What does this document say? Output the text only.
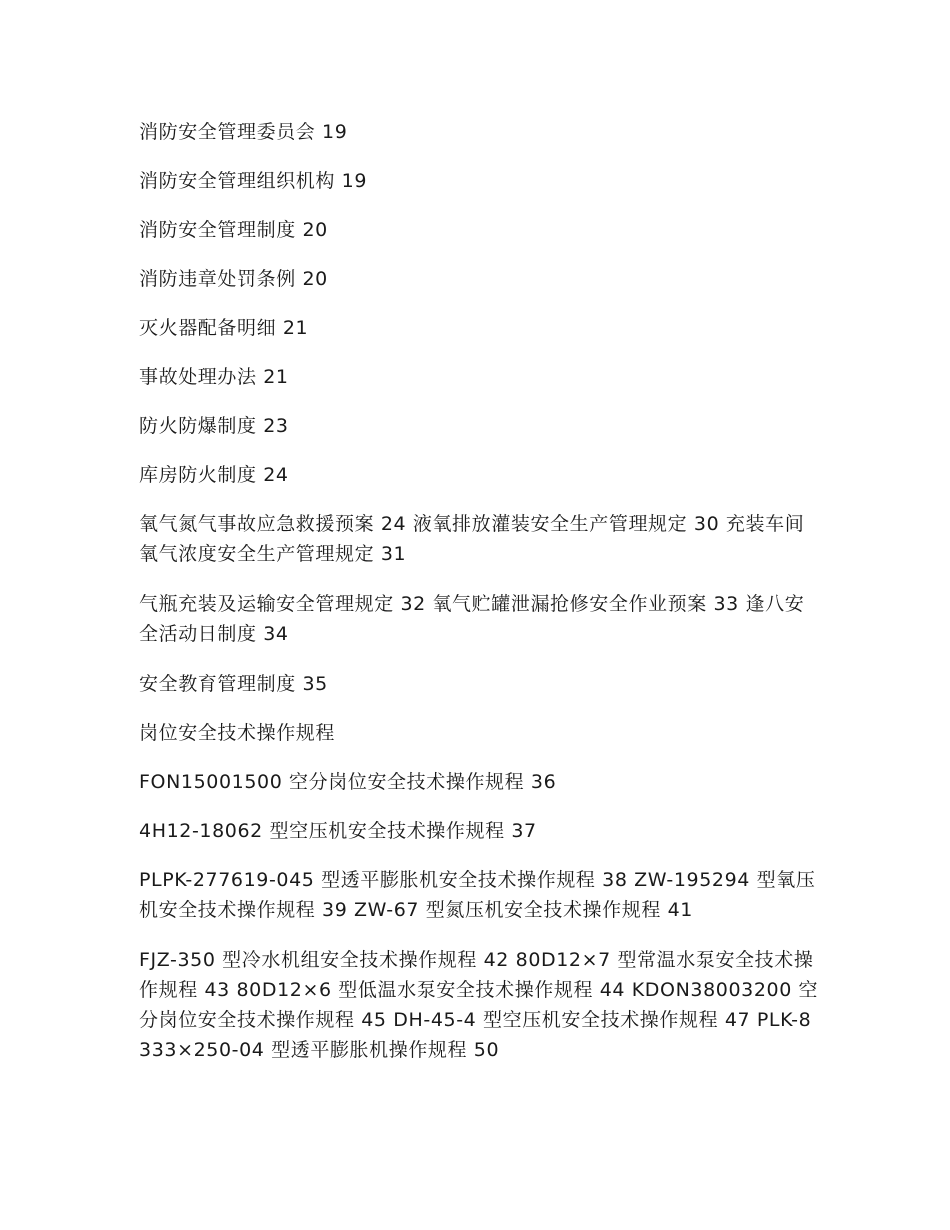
消防安全管理委员会 19
消防安全管理组织机构 19
消防安全管理制度 20
消防违章处罚条例 20
灭火器配备明细 21
事故处理办法 21
防火防爆制度 23
库房防火制度 24
氧气氮气事故应急救援预案 24 液氧排放灌装安全生产管理规定 30 充装车间氧气浓度安全生产管理规定 31
气瓶充装及运输安全管理规定 32 氧气贮罐泄漏抢修安全作业预案 33 逢八安全活动日制度 34
安全教育管理制度 35
岗位安全技术操作规程
FON15001500 空分岗位安全技术操作规程 36
4H12-18062 型空压机安全技术操作规程 37
PLPK-277619-045 型透平膨胀机安全技术操作规程 38 ZW-195294 型氧压机安全技术操作规程 39 ZW-67 型氮压机安全技术操作规程 41
FJZ-350 型冷水机组安全技术操作规程 42 80D12×7 型常温水泵安全技术操作规程 43 80D12×6 型低温水泵安全技术操作规程 44 KDON38003200 空分岗位安全技术操作规程 45 DH-45-4 型空压机安全技术操作规程 47 PLK-8333×250-04 型透平膨胀机操作规程 50
